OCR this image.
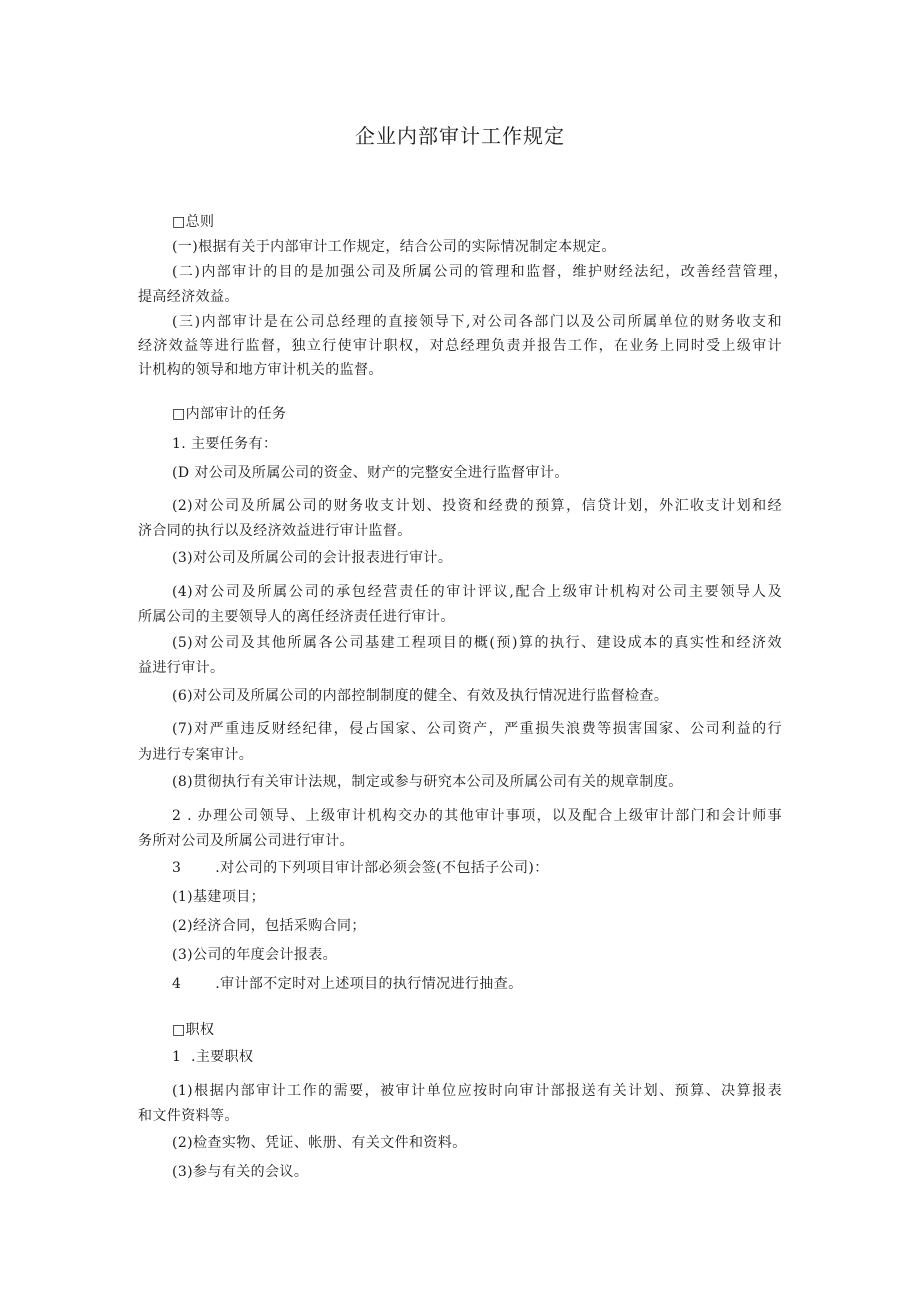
企业内部审计工作规定
□总则
(一)根据有关于内部审计工作规定，结合公司的实际情况制定本规定。
(二)内部审计的目的是加强公司及所属公司的管理和监督，维护财经法纪，改善经营管理，
提高经济效益。
(三)内部审计是在公司总经理的直接领导下,对公司各部门以及公司所属单位的财务收支和
经济效益等进行监督，独立行使审计职权，对总经理负责并报告工作，在业务上同时受上级审计
计机构的领导和地方审计机关的监督。
□内部审计的任务
1. 主要任务有：
(D 对公司及所属公司的资金、财产的完整安全进行监督审计。
(2)对公司及所属公司的财务收支计划、投资和经费的预算，信贷计划，外汇收支计划和经
济合同的执行以及经济效益进行审计监督。
(3)对公司及所属公司的会计报表进行审计。
(4)对公司及所属公司的承包经营责任的审计评议,配合上级审计机构对公司主要领导人及
所属公司的主要领导人的离任经济责任进行审计。
(5)对公司及其他所属各公司基建工程项目的概(预)算的执行、建设成本的真实性和经济效
益进行审计。
(6)对公司及所属公司的内部控制制度的健全、有效及执行情况进行监督检查。
(7)对严重违反财经纪律，侵占国家、公司资产，严重损失浪费等损害国家、公司利益的行
为进行专案审计。
(8)贯彻执行有关审计法规，制定或参与研究本公司及所属公司有关的规章制度。
2 . 办理公司领导、上级审计机构交办的其他审计事项，以及配合上级审计部门和会计师事
务所对公司及所属公司进行审计。
3       .对公司的下列项目审计部必须会签(不包括子公司)：
(1)基建项目；
(2)经济合同，包括采购合同；
(3)公司的年度会计报表。
4       .审计部不定时对上述项目的执行情况进行抽查。
□职权
1  .主要职权
(1)根据内部审计工作的需要，被审计单位应按时向审计部报送有关计划、预算、决算报表
和文件资料等。
(2)检查实物、凭证、帐册、有关文件和资料。
(3)参与有关的会议。
